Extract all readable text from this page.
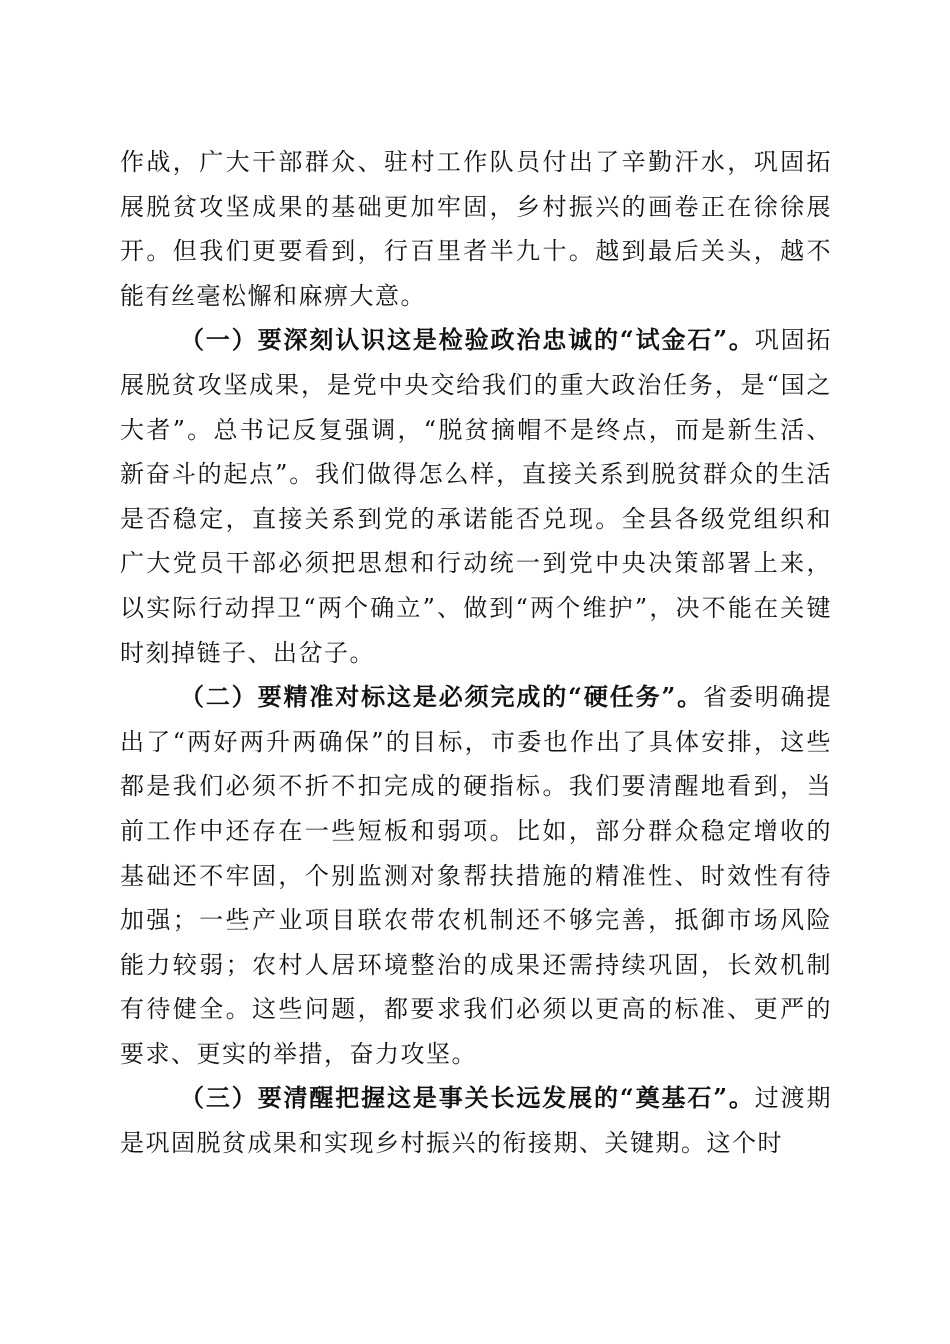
作战，广大干部群众、驻村工作队员付出了辛勤汗水，巩固拓展脱贫攻坚成果的基础更加牢固，乡村振兴的画卷正在徐徐展开。但我们更要看到，行百里者半九十。越到最后关头，越不能有丝毫松懈和麻痹大意。

（一）要深刻认识这是检验政治忠诚的“试金石”。巩固拓展脱贫攻坚成果，是党中央交给我们的重大政治任务，是“国之大者”。总书记反复强调，“脱贫摘帽不是终点，而是新生活、新奋斗的起点”。我们做得怎么样，直接关系到脱贫群众的生活是否稳定，直接关系到党的承诺能否兑现。全县各级党组织和广大党员干部必须把思想和行动统一到党中央决策部署上来，以实际行动捍卫“两个确立”、做到“两个维护”，决不能在关键时刻掉链子、出岔子。

（二）要精准对标这是必须完成的“硬任务”。省委明确提出了“两好两升两确保”的目标，市委也作出了具体安排，这些都是我们必须不折不扣完成的硬指标。我们要清醒地看到，当前工作中还存在一些短板和弱项。比如，部分群众稳定增收的基础还不牢固，个别监测对象帮扶措施的精准性、时效性有待加强；一些产业项目联农带农机制还不够完善，抵御市场风险能力较弱；农村人居环境整治的成果还需持续巩固，长效机制有待健全。这些问题，都要求我们必须以更高的标准、更严的要求、更实的举措，奋力攻坚。

（三）要清醒把握这是事关长远发展的“奠基石”。过渡期是巩固脱贫成果和实现乡村振兴的衔接期、关键期。这个时
